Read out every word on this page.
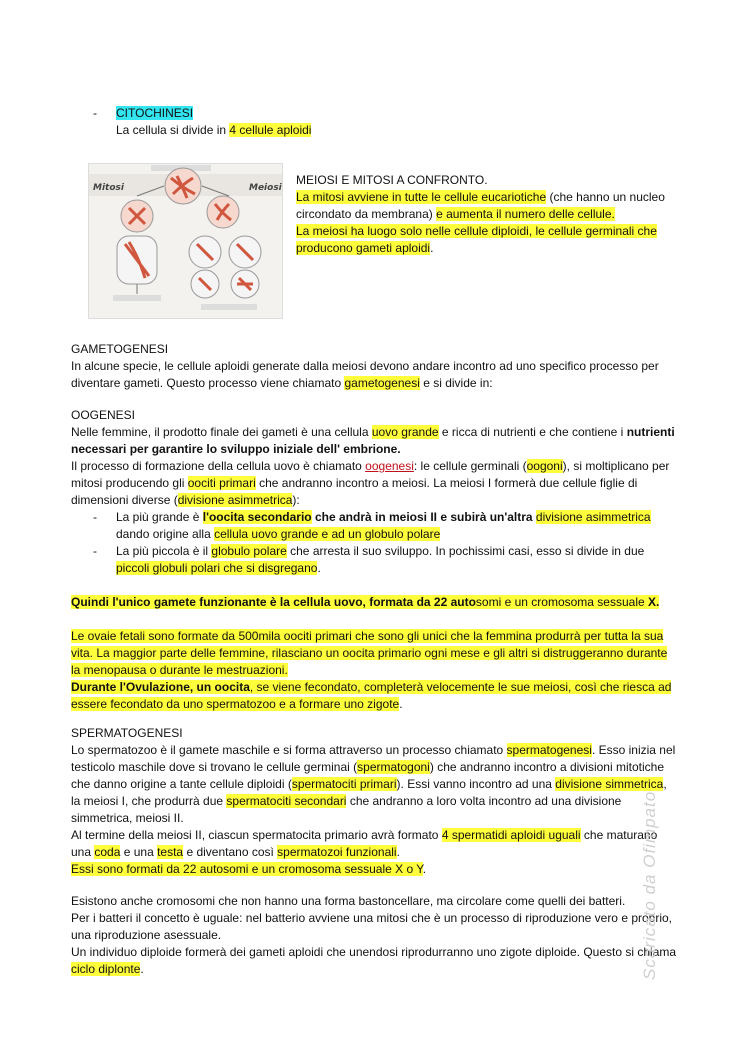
- CITOCHINESI
La cellula si divide in 4 cellule aploidi
Mitosi	Meiosi
MEIOSI E MITOSI A CONFRONTO.
La mitosi avviene in tutte le cellule eucariotiche (che hanno un nucleo circondato da membrana) e aumenta il numero delle cellule.
La meiosi ha luogo solo nelle cellule diploidi, le cellule germinali che producono gameti aploidi.
GAMETOGENESI
In alcune specie, le cellule aploidi generate dalla meiosi devono andare incontro ad uno specifico processo per diventare gameti. Questo processo viene chiamato gametogenesi e si divide in:
OOGENESI
Nelle femmine, il prodotto finale dei gameti è una cellula uovo grande e ricca di nutrienti e che contiene i nutrienti necessari per garantire lo sviluppo iniziale dell' embrione.
Il processo di formazione della cellula uovo è chiamato oogenesi: le cellule germinali (oogoni), si moltiplicano per mitosi producendo gli oociti primari che andranno incontro a meiosi. La meiosi I formerà due cellule figlie di dimensioni diverse (divisione asimmetrica):
- La più grande è l'oocita secondario che andrà in meiosi II e subirà un'altra divisione asimmetrica dando origine alla cellula uovo grande e ad un globulo polare
- La più piccola è il globulo polare che arresta il suo sviluppo. In pochissimi casi, esso si divide in due piccoli globuli polari che si disgregano.
Quindi l'unico gamete funzionante è la cellula uovo, formata da 22 autosomi e un cromosoma sessuale X.
Le ovaie fetali sono formate da 500mila oociti primari che sono gli unici che la femmina produrrà per tutta la sua vita. La maggior parte delle femmine, rilasciano un oocita primario ogni mese e gli altri si distruggeranno durante la menopausa o durante le mestruazioni.
Durante l'Ovulazione, un oocita, se viene fecondato, completerà velocemente le sue meiosi, così che riesca ad essere fecondato da uno spermatozoo e a formare uno zigote.
SPERMATOGENESI
Lo spermatozoo è il gamete maschile e si forma attraverso un processo chiamato spermatogenesi. Esso inizia nel testicolo maschile dove si trovano le cellule germinai (spermatogoni) che andranno incontro a divisioni mitotiche che danno origine a tante cellule diploidi (spermatociti primari). Essi vanno incontro ad una divisione simmetrica, la meiosi I, che produrrà due spermatociti secondari che andranno a loro volta incontro ad una divisione simmetrica, meiosi II.
Al termine della meiosi II, ciascun spermatocita primario avrà formato 4 spermatidi aploidi uguali che maturano una coda e una testa e diventano così spermatozoi funzionali.
Essi sono formati da 22 autosomi e un cromosoma sessuale X o Y.
Esistono anche cromosomi che non hanno una forma bastoncellare, ma circolare come quelli dei batteri.
Per i batteri il concetto è uguale: nel batterio avviene una mitosi che è un processo di riproduzione vero e proprio, una riproduzione asessuale.
Un individuo diploide formerà dei gameti aploidi che unendosi riprodurranno uno zigote diploide. Questo si chiama ciclo diplonte.	Scaricato da Ofimpato
